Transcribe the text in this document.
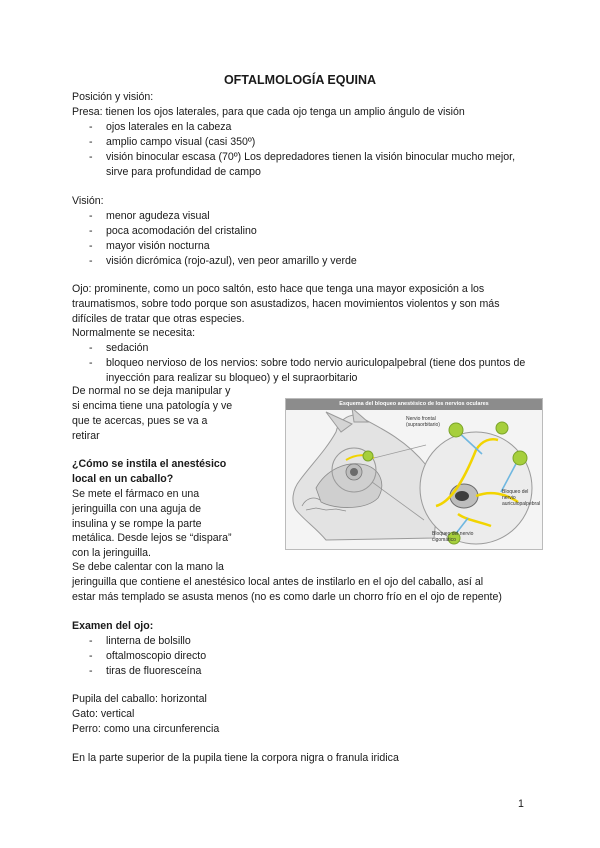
OFTALMOLOGÍA EQUINA
Posición y visión:
Presa: tienen los ojos laterales, para que cada ojo tenga un amplio ángulo de visión
- ojos laterales en la cabeza
- amplio campo visual (casi 350º)
- visión binocular escasa (70º) Los depredadores tienen la visión binocular mucho mejor, sirve para profundidad de campo
Visión:
- menor agudeza visual
- poca acomodación del cristalino
- mayor visión nocturna
- visión dicrómica (rojo-azul), ven peor amarillo y verde
Ojo: prominente, como un poco saltón, esto hace que tenga una mayor exposición a los
traumatismos, sobre todo porque son asustadizos, hacen movimientos violentos y son más
difíciles de tratar que otras especies.
Normalmente se necesita:
- sedación
- bloqueo nervioso de los nervios: sobre todo nervio auriculopalpebral (tiene dos puntos de inyección para realizar su bloqueo) y el supraorbitario
De normal no se deja manipular y
si encima tiene una patología y ve
que te acercas, pues se va a
retirar
¿Cómo se instila el anestésico
local en un caballo?
Se mete el fármaco en una
jeringuilla con una aguja de
insulina y se rompe la parte
metálica. Desde lejos se “dispara”
con la jeringuilla.
Se debe calentar con la mano la
jeringuilla que contiene el anestésico local antes de instilarlo en el ojo del caballo, así al
estar más templado se asusta menos (no es como darle un chorro frío en el ojo de repente)
Esquema del bloqueo anestésico de los nervios oculares
Nervio frontal (supraorbitario)
Bloqueo del nervio auriculopalpebral
Bloqueo del nervio cigomático
Examen del ojo:
- linterna de bolsillo
- oftalmoscopio directo
- tiras de fluoresceína
Pupila del caballo: horizontal
Gato: vertical
Perro: como una circunferencia
En la parte superior de la pupila tiene la corpora nigra o franula iridica
1
